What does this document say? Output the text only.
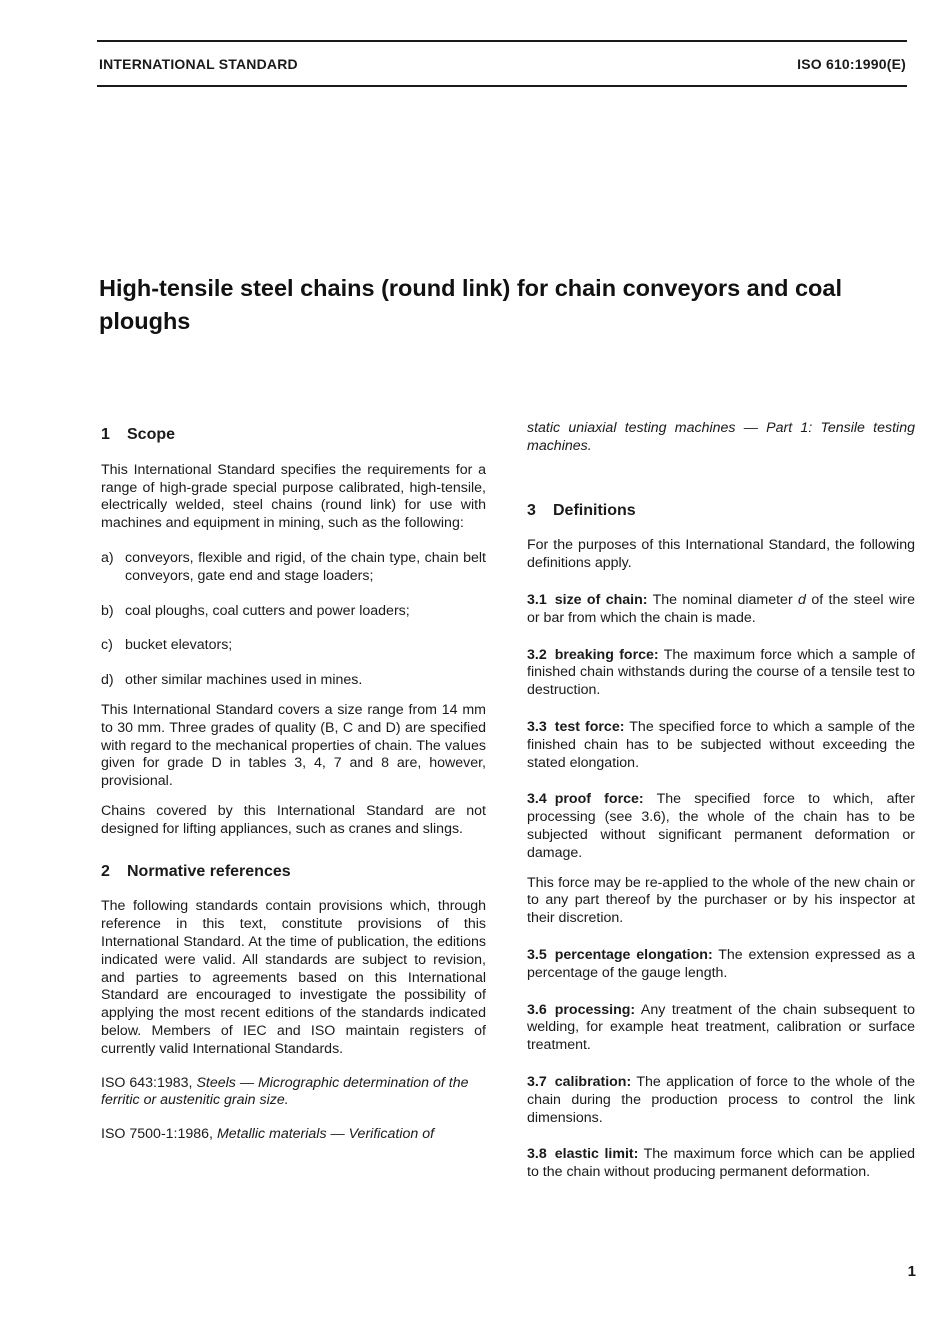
INTERNATIONAL STANDARD	ISO 610:1990(E)
High-tensile steel chains (round link) for chain conveyors and coal ploughs
1 Scope

This International Standard specifies the requirements for a range of high-grade special purpose calibrated, high-tensile, electrically welded, steel chains (round link) for use with machines and equipment in mining, such as the following:

a) conveyors, flexible and rigid, of the chain type, chain belt conveyors, gate end and stage loaders;
b) coal ploughs, coal cutters and power loaders;
c) bucket elevators;
d) other similar machines used in mines.

This International Standard covers a size range from 14 mm to 30 mm. Three grades of quality (B, C and D) are specified with regard to the mechanical properties of chain. The values given for grade D in tables 3, 4, 7 and 8 are, however, provisional.

Chains covered by this International Standard are not designed for lifting appliances, such as cranes and slings.

2 Normative references

The following standards contain provisions which, through reference in this text, constitute provisions of this International Standard. At the time of publication, the editions indicated were valid. All standards are subject to revision, and parties to agreements based on this International Standard are encouraged to investigate the possibility of applying the most recent editions of the standards indicated below. Members of IEC and ISO maintain registers of currently valid International Standards.

ISO 643:1983, Steels — Micrographic determination of the ferritic or austenitic grain size.

ISO 7500-1:1986, Metallic materials — Verification of

static uniaxial testing machines — Part 1: Tensile testing machines.

3 Definitions

For the purposes of this International Standard, the following definitions apply.

3.1 size of chain: The nominal diameter d of the steel wire or bar from which the chain is made.

3.2 breaking force: The maximum force which a sample of finished chain withstands during the course of a tensile test to destruction.

3.3 test force: The specified force to which a sample of the finished chain has to be subjected without exceeding the stated elongation.

3.4 proof force: The specified force to which, after processing (see 3.6), the whole of the chain has to be subjected without significant permanent deformation or damage.

This force may be re-applied to the whole of the new chain or to any part thereof by the purchaser or by his inspector at their discretion.

3.5 percentage elongation: The extension expressed as a percentage of the gauge length.

3.6 processing: Any treatment of the chain subsequent to welding, for example heat treatment, calibration or surface treatment.

3.7 calibration: The application of force to the whole of the chain during the production process to control the link dimensions.

3.8 elastic limit: The maximum force which can be applied to the chain without producing permanent deformation.

1
